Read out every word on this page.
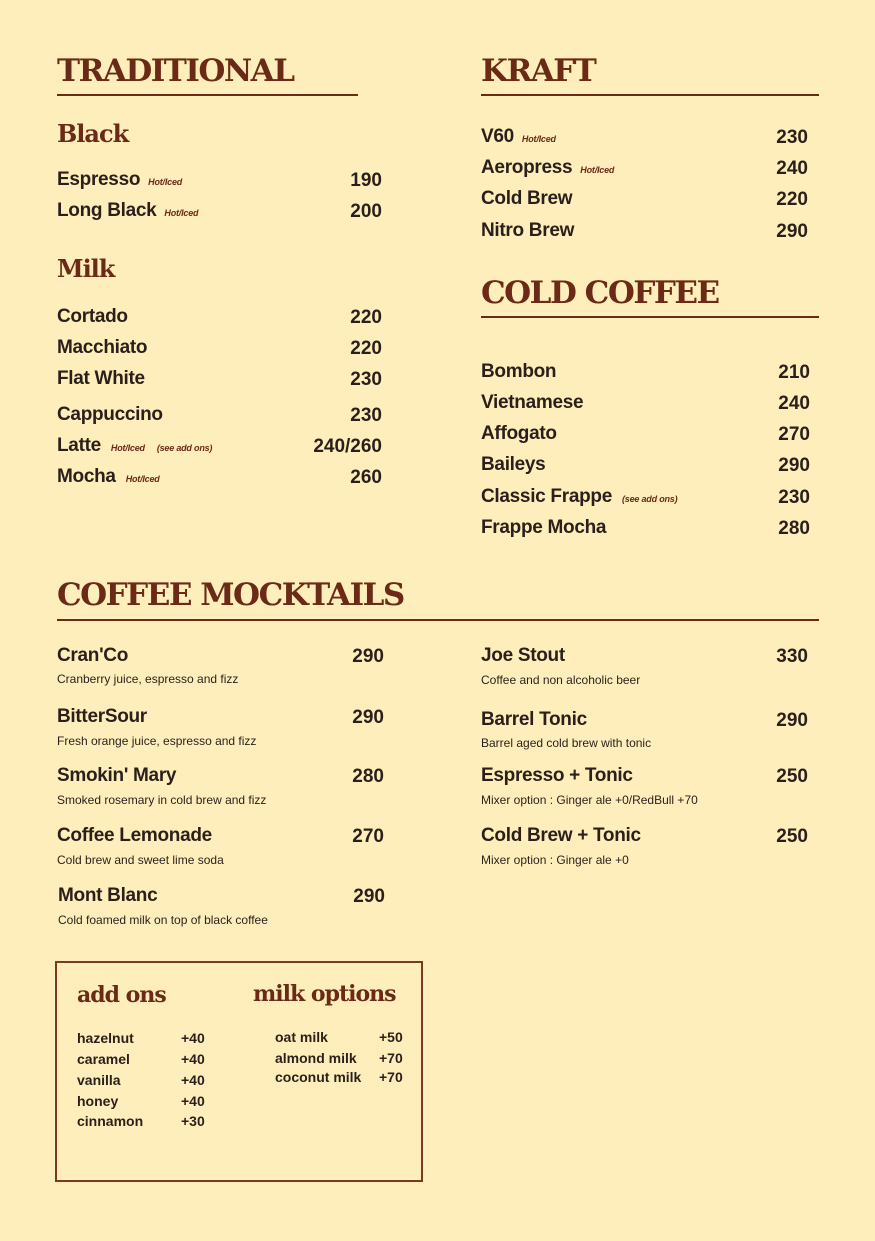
TRADITIONAL
Black
Espresso Hot/Iced	190
Long Black Hot/Iced	200
Milk
Cortado	220
Macchiato	220
Flat White	230
Cappuccino	230
Latte Hot/Iced (see add ons)	240/260
Mocha Hot/Iced	260
KRAFT
V60 Hot/Iced	230
Aeropress Hot/Iced	240
Cold Brew	220
Nitro Brew	290
COLD COFFEE
Bombon	210
Vietnamese	240
Affogato	270
Baileys	290
Classic Frappe (see add ons)	230
Frappe Mocha	280
COFFEE MOCKTAILS
Cran'Co	290
Cranberry juice, espresso and fizz
BitterSour	290
Fresh orange juice, espresso and fizz
Smokin' Mary	280
Smoked rosemary in cold brew and fizz
Coffee Lemonade	270
Cold brew and sweet lime soda
Mont Blanc	290
Cold foamed milk on top of black coffee
Joe Stout	330
Coffee and non alcoholic beer
Barrel Tonic	290
Barrel aged cold brew with tonic
Espresso + Tonic	250
Mixer option : Ginger ale +0/RedBull +70
Cold Brew + Tonic	250
Mixer option : Ginger ale +0
add ons	milk options
hazelnut	+40
caramel	+40
vanilla	+40
honey	+40
cinnamon	+30
oat milk	+50
almond milk +70
coconut milk +70
